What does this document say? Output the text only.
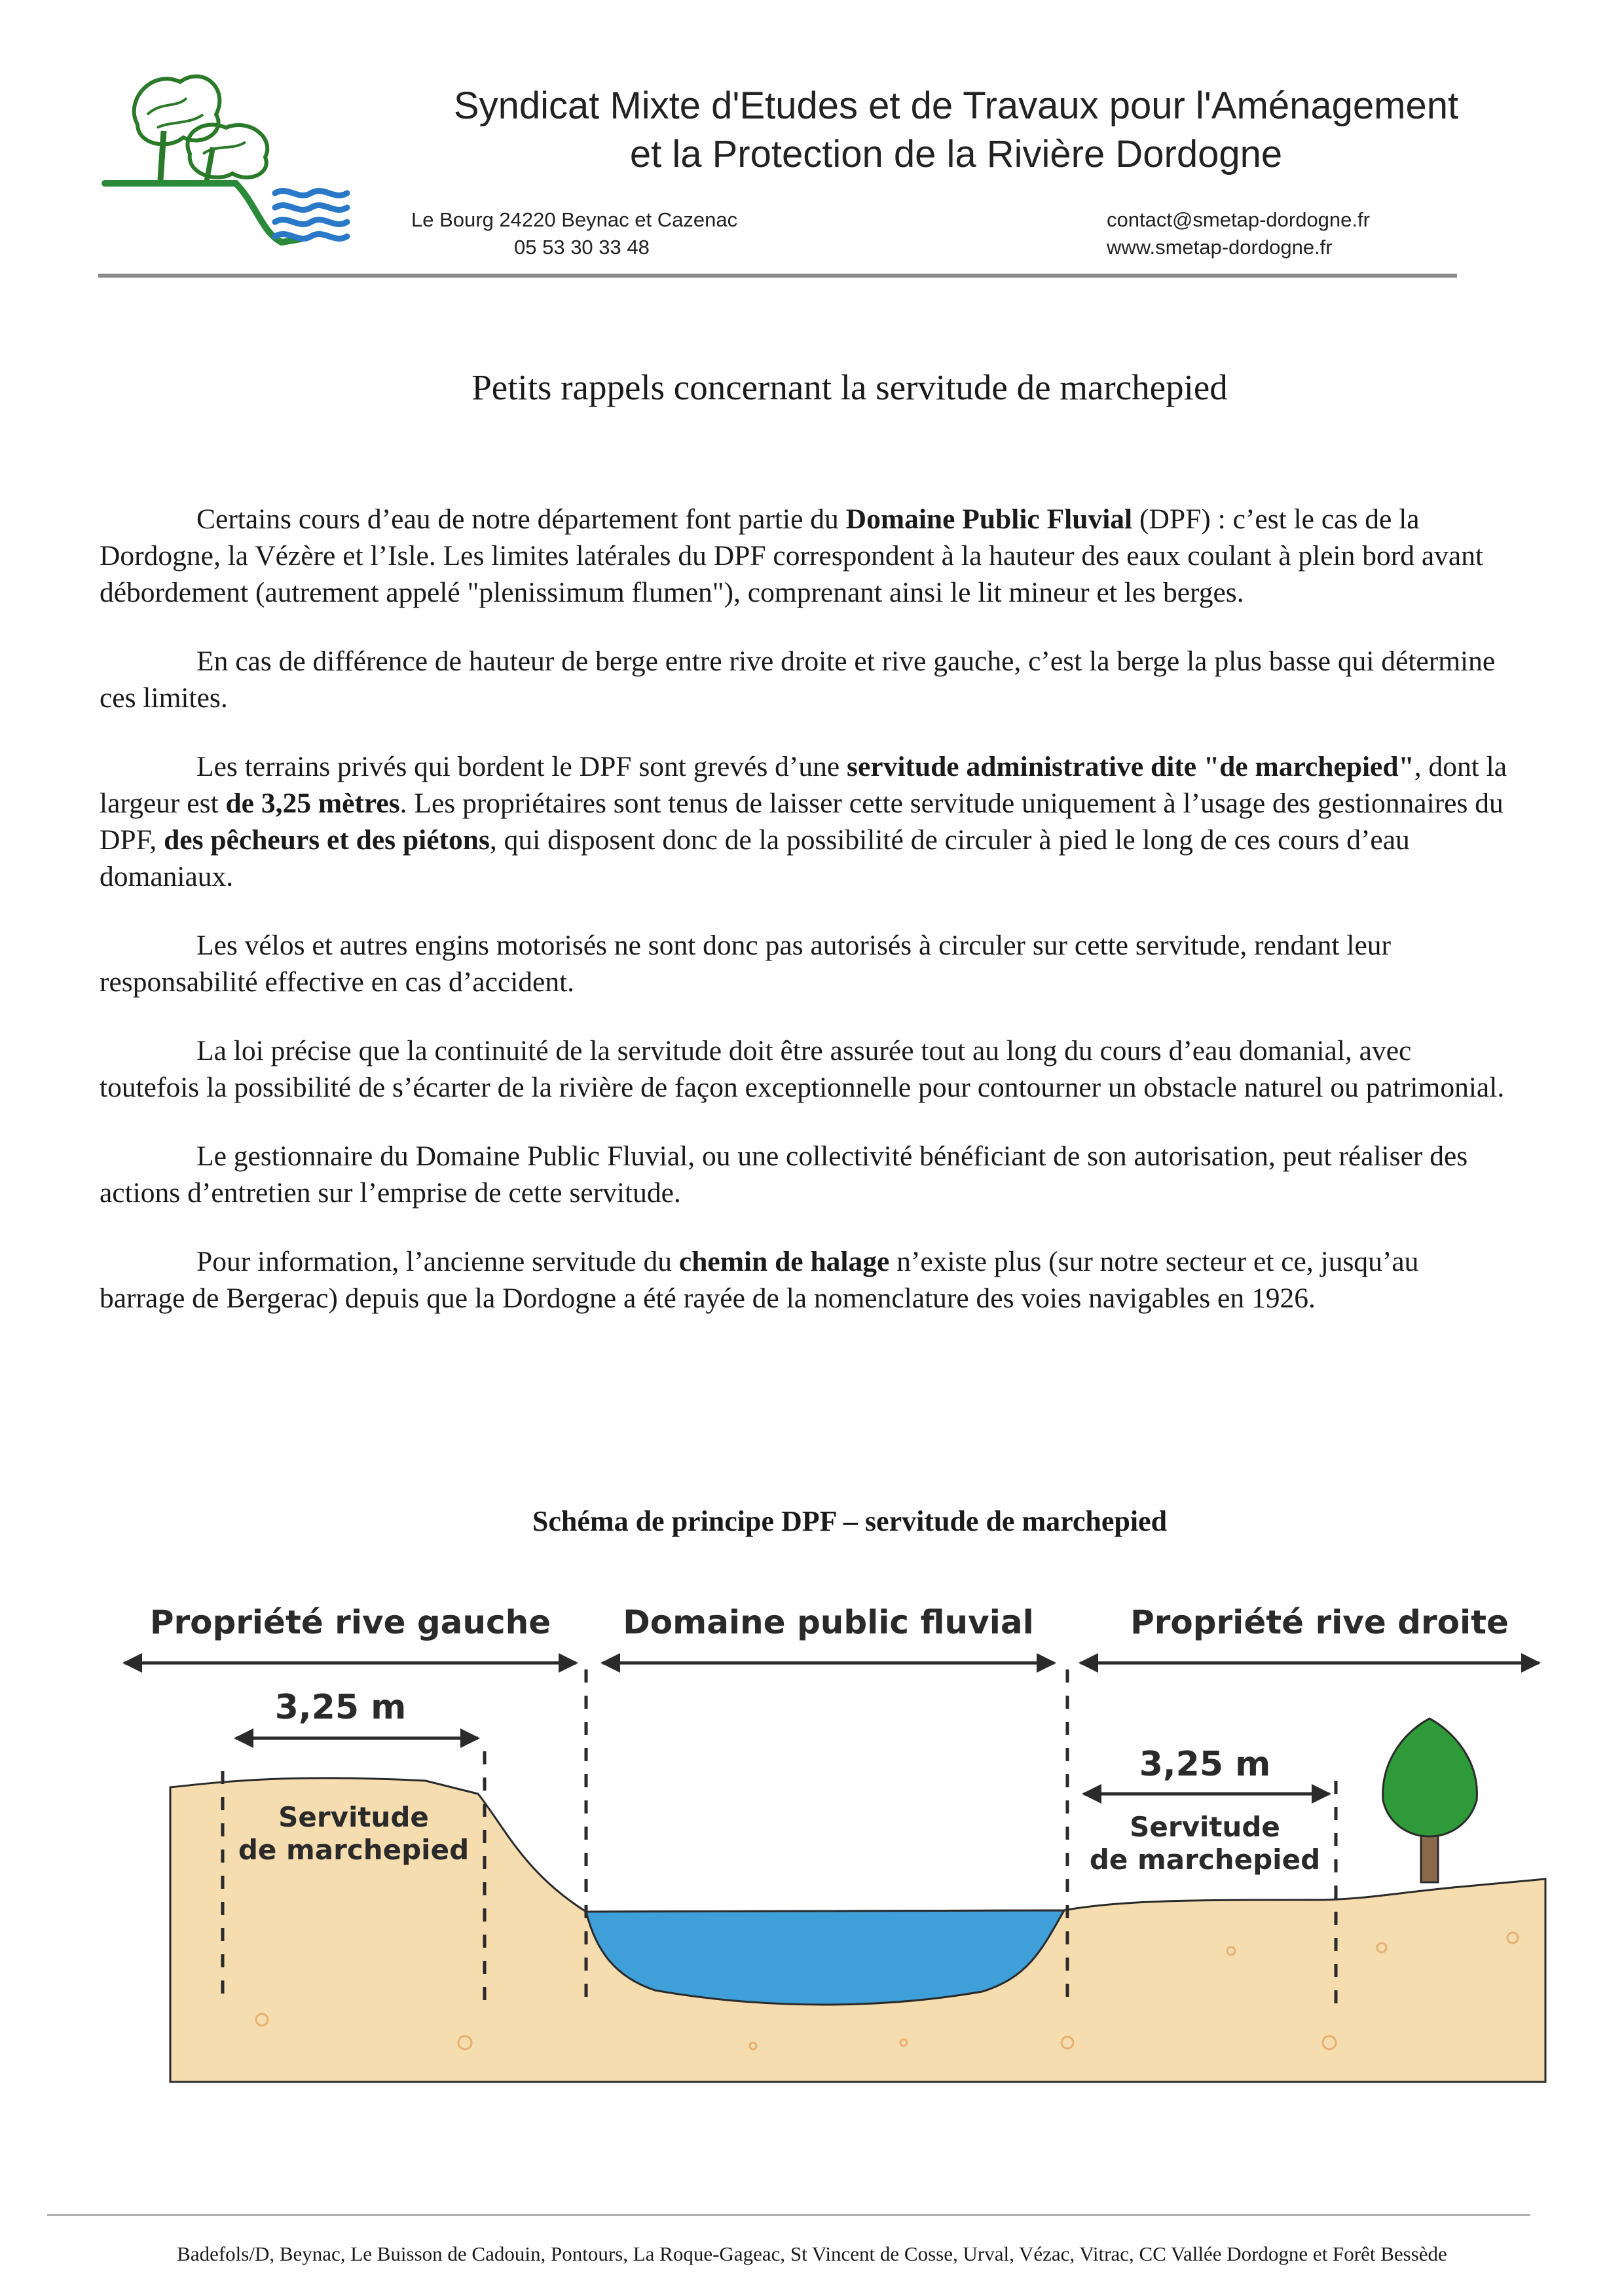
Syndicat Mixte d'Etudes et de Travaux pour l'Aménagement
et la Protection de la Rivière Dordogne
Le Bourg 24220 Beynac et Cazenac
05 53 30 33 48
contact@smetap-dordogne.fr
www.smetap-dordogne.fr
Petits rappels concernant la servitude de marchepied

Certains cours d’eau de notre département font partie du Domaine Public Fluvial (DPF) : c’est le cas de la Dordogne, la Vézère et l’Isle. Les limites latérales du DPF correspondent à la hauteur des eaux coulant à plein bord avant débordement (autrement appelé "plenissimum flumen"), comprenant ainsi le lit mineur et les berges.

En cas de différence de hauteur de berge entre rive droite et rive gauche, c’est la berge la plus basse qui détermine ces limites.

Les terrains privés qui bordent le DPF sont grevés d’une servitude administrative dite "de marchepied", dont la largeur est de 3,25 mètres. Les propriétaires sont tenus de laisser cette servitude uniquement à l’usage des gestionnaires du DPF, des pêcheurs et des piétons, qui disposent donc de la possibilité de circuler à pied le long de ces cours d’eau domaniaux.

Les vélos et autres engins motorisés ne sont donc pas autorisés à circuler sur cette servitude, rendant leur responsabilité effective en cas d’accident.

La loi précise que la continuité de la servitude doit être assurée tout au long du cours d’eau domanial, avec toutefois la possibilité de s’écarter de la rivière de façon exceptionnelle pour contourner un obstacle naturel ou patrimonial.

Le gestionnaire du Domaine Public Fluvial, ou une collectivité bénéficiant de son autorisation, peut réaliser des actions d’entretien sur l’emprise de cette servitude.

Pour information, l’ancienne servitude du chemin de halage n’existe plus (sur notre secteur et ce, jusqu’au barrage de Bergerac) depuis que la Dordogne a été rayée de la nomenclature des voies navigables en 1926.

Schéma de principe DPF – servitude de marchepied
Propriété rive gauche Domaine public fluvial	Propriété rive droite
3,25 m
3,25 m
Servitude
de marchepied
Servitude
de marchepied
Badefols/D, Beynac, Le Buisson de Cadouin, Pontours, La Roque-Gageac, St Vincent de Cosse, Urval, Vézac, Vitrac, CC Vallée Dordogne et Forêt Bessède
